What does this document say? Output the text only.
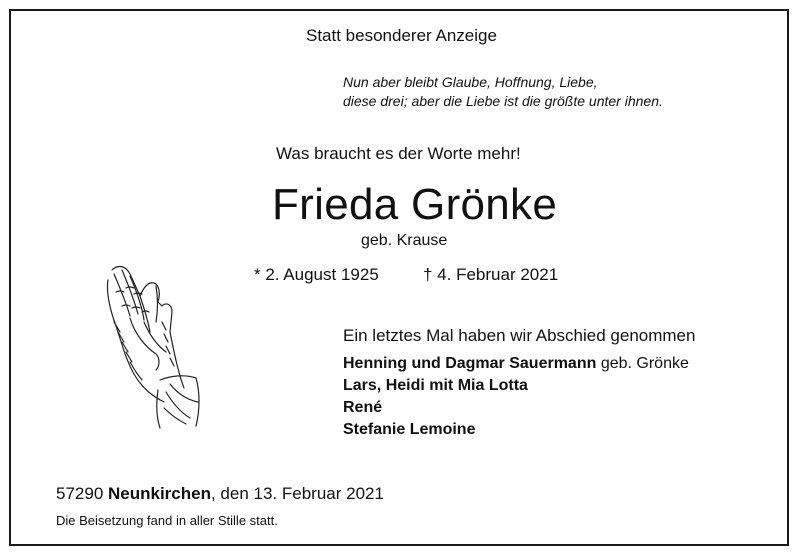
Statt besonderer Anzeige
Nun aber bleibt Glaube, Hoffnung, Liebe,
diese drei; aber die Liebe ist die größte unter ihnen.
Was braucht es der Worte mehr!
Frieda Grönke
geb. Krause
* 2. August 1925	† 4. Februar 2021
Ein letztes Mal haben wir Abschied genommen
Henning und Dagmar Sauermann geb. Grönke
Lars, Heidi mit Mia Lotta
René
Stefanie Lemoine
57290 Neunkirchen, den 13. Februar 2021
Die Beisetzung fand in aller Stille statt.
